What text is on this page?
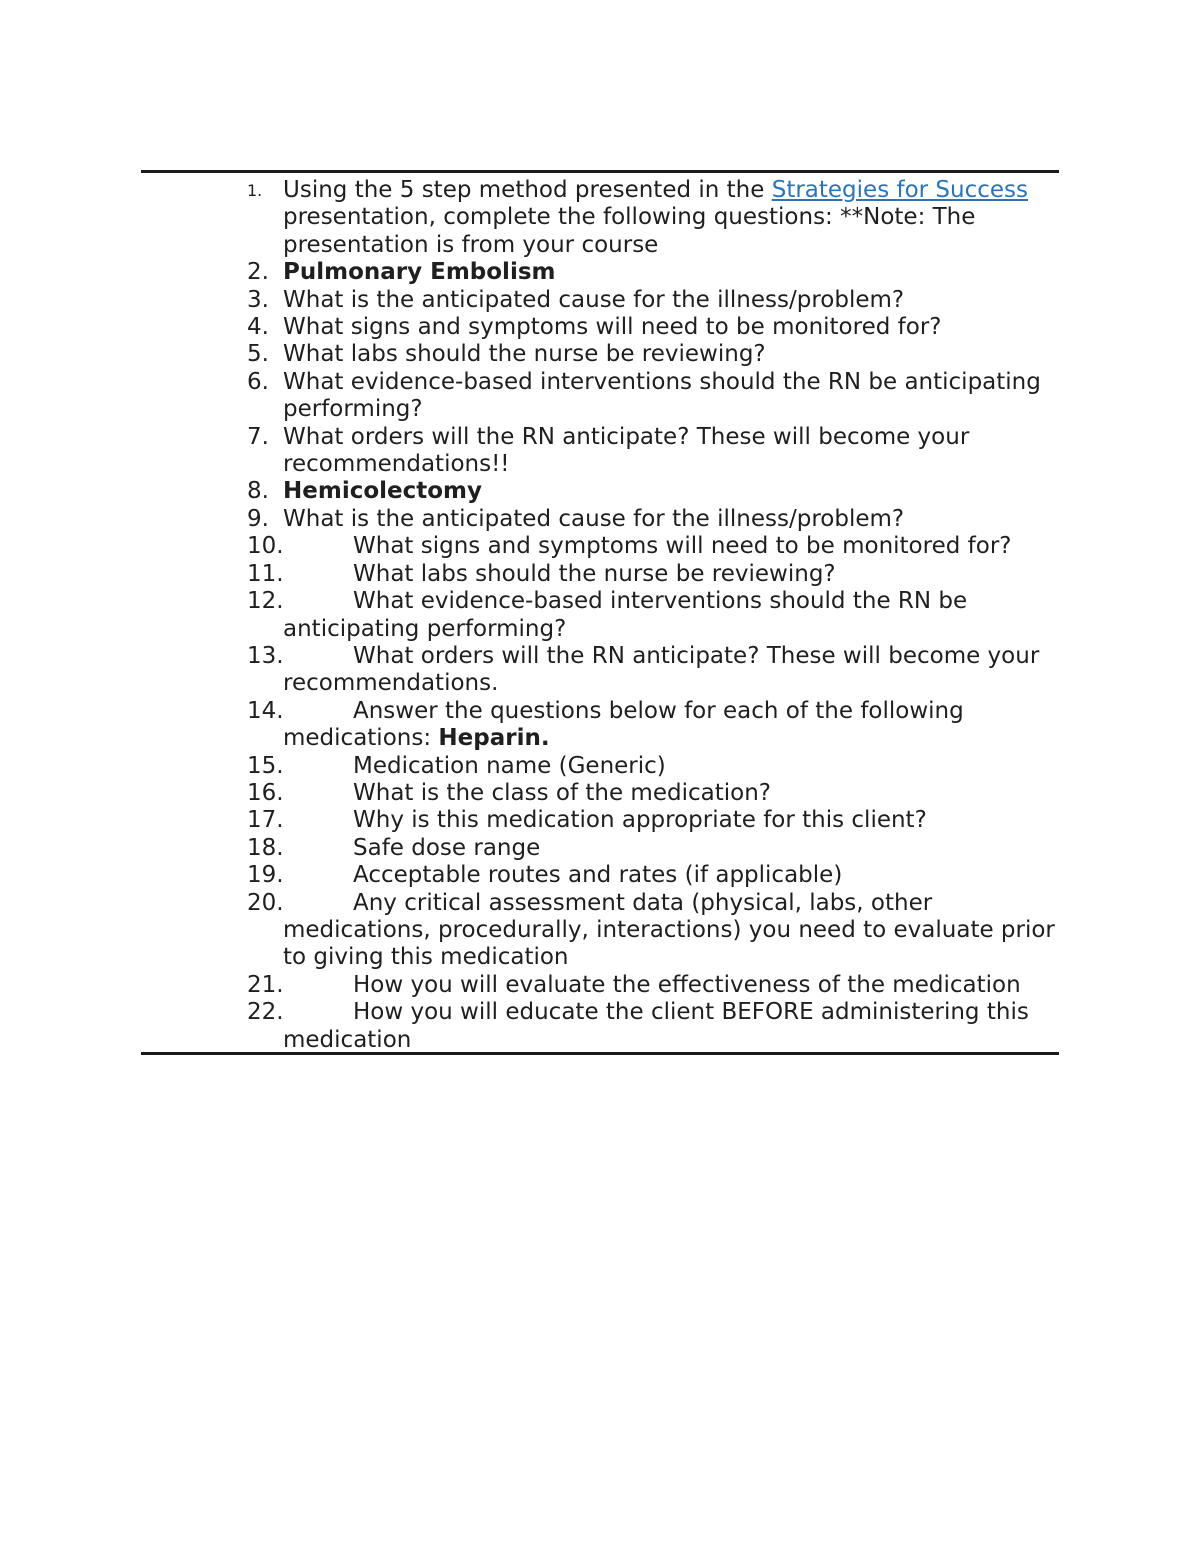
1. Using the 5 step method presented in the Strategies for Success presentation, complete the following questions: **Note: The presentation is from your course
2. Pulmonary Embolism
3. What is the anticipated cause for the illness/problem?
4. What signs and symptoms will need to be monitored for?
5. What labs should the nurse be reviewing?
6. What evidence-based interventions should the RN be anticipating performing?
7. What orders will the RN anticipate? These will become your recommendations!!
8. Hemicolectomy
9. What is the anticipated cause for the illness/problem?
10.	What signs and symptoms will need to be monitored for?
11.	What labs should the nurse be reviewing?
12.	What evidence-based interventions should the RN be anticipating performing?
13.	What orders will the RN anticipate? These will become your recommendations.
14.	Answer the questions below for each of the following medications: Heparin.
15.	Medication name (Generic)
16.	What is the class of the medication?
17.	Why is this medication appropriate for this client?
18.	Safe dose range
19.	Acceptable routes and rates (if applicable)
20.	Any critical assessment data (physical, labs, other medications, procedurally, interactions) you need to evaluate prior to giving this medication
21.	How you will evaluate the effectiveness of the medication
22.	How you will educate the client BEFORE administering this medication
